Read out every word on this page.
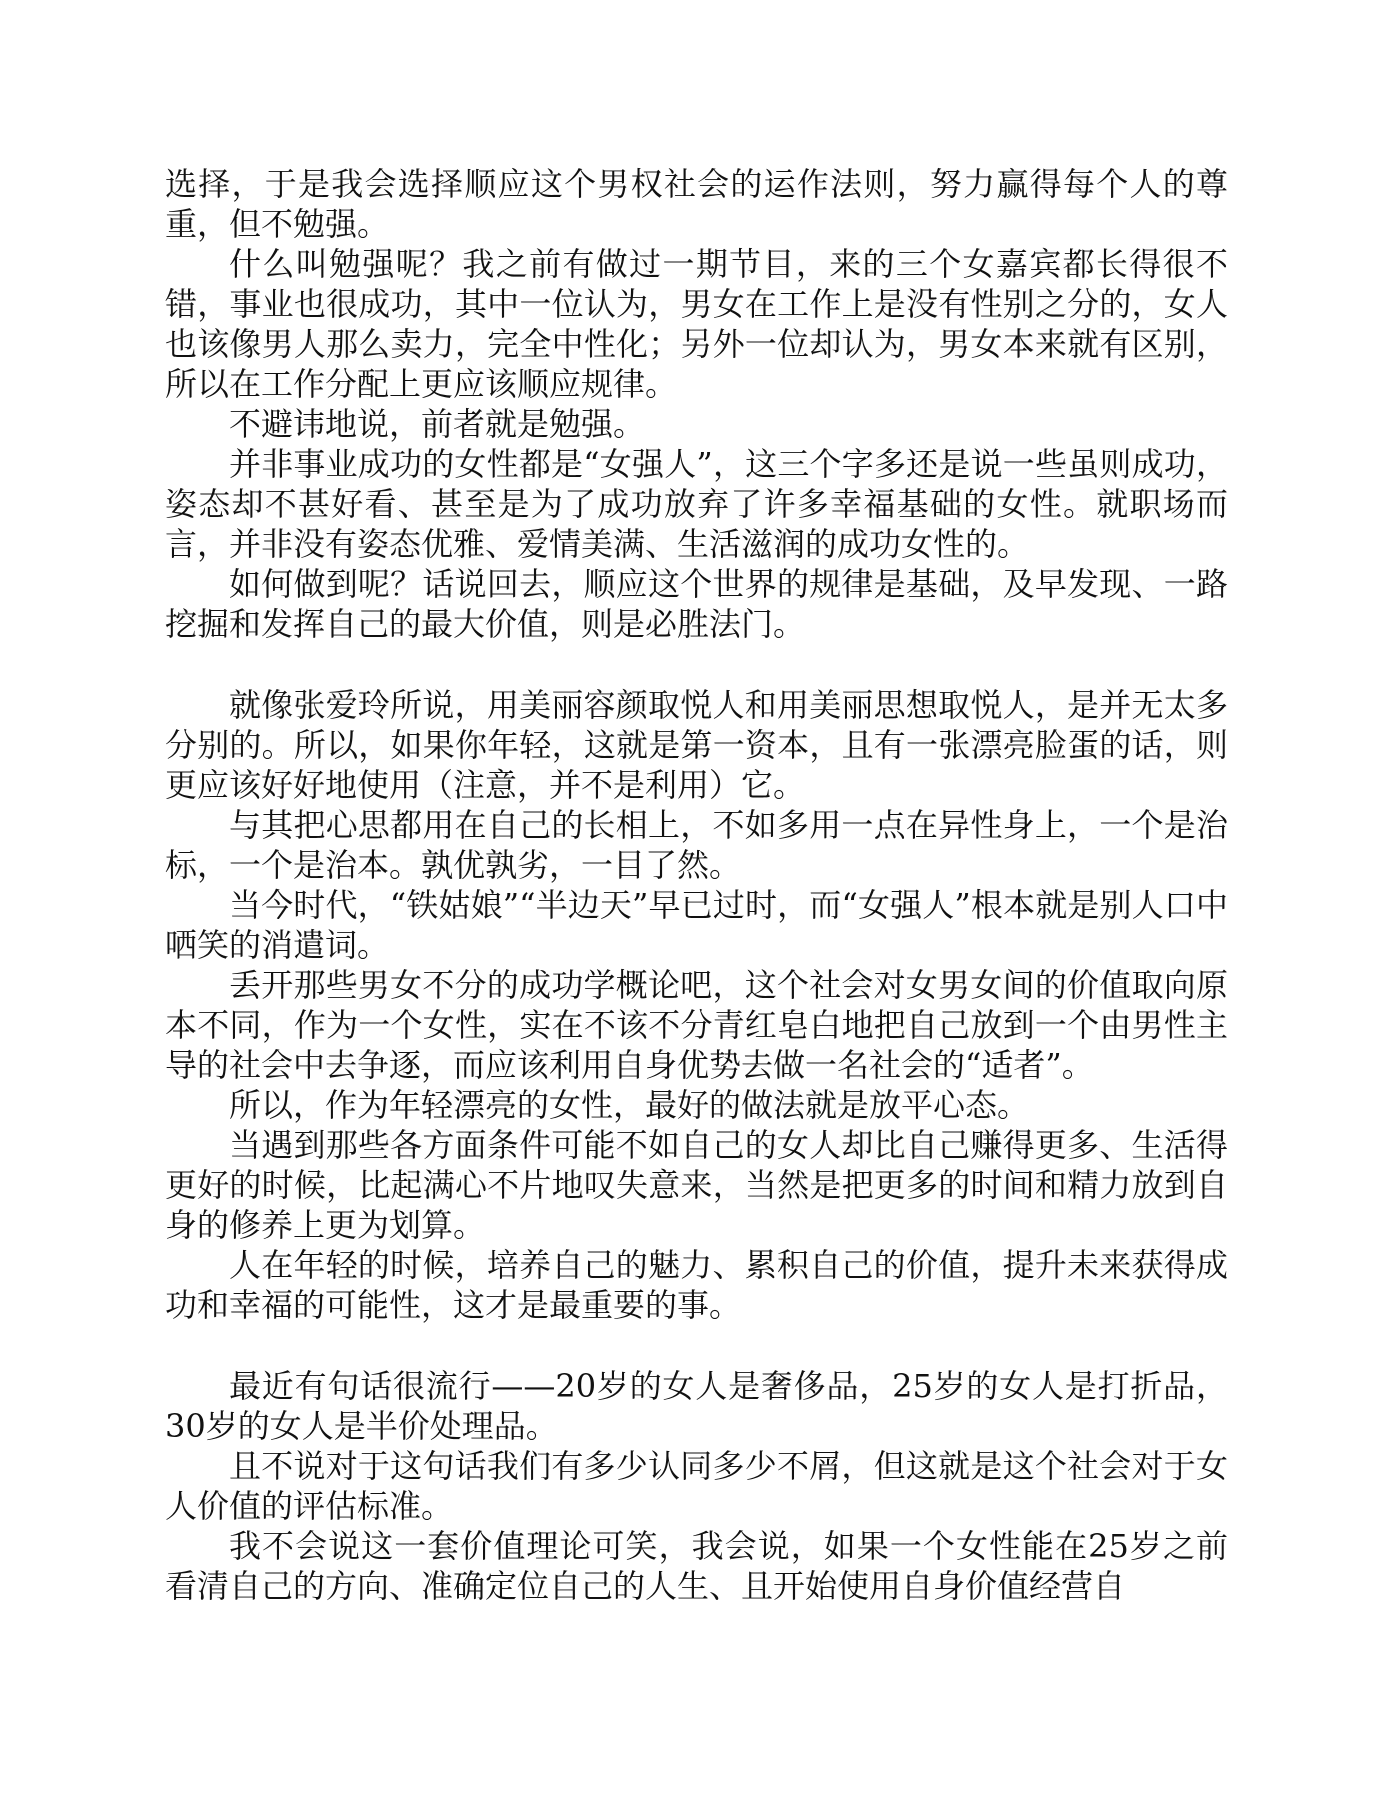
选择，于是我会选择顺应这个男权社会的运作法则，努力赢得每个人的尊重，但不勉强。

什么叫勉强呢？我之前有做过一期节目，来的三个女嘉宾都长得很不错，事业也很成功，其中一位认为，男女在工作上是没有性别之分的，女人也该像男人那么卖力，完全中性化；另外一位却认为，男女本来就有区别，所以在工作分配上更应该顺应规律。

不避讳地说，前者就是勉强。

并非事业成功的女性都是“女强人”，这三个字多还是说一些虽则成功，姿态却不甚好看、甚至是为了成功放弃了许多幸福基础的女性。就职场而言，并非没有姿态优雅、爱情美满、生活滋润的成功女性的。

如何做到呢？话说回去，顺应这个世界的规律是基础，及早发现、一路挖掘和发挥自己的最大价值，则是必胜法门。

就像张爱玲所说，用美丽容颜取悦人和用美丽思想取悦人，是并无太多分别的。所以，如果你年轻，这就是第一资本，且有一张漂亮脸蛋的话，则更应该好好地使用（注意，并不是利用）它。

与其把心思都用在自己的长相上，不如多用一点在异性身上，一个是治标，一个是治本。孰优孰劣，一目了然。

当今时代，“铁姑娘”“半边天”早已过时，而“女强人”根本就是别人口中哂笑的消遣词。

丢开那些男女不分的成功学概论吧，这个社会对女男女间的价值取向原本不同，作为一个女性，实在不该不分青红皂白地把自己放到一个由男性主导的社会中去争逐，而应该利用自身优势去做一名社会的“适者”。

所以，作为年轻漂亮的女性，最好的做法就是放平心态。

当遇到那些各方面条件可能不如自己的女人却比自己赚得更多、生活得更好的时候，比起满心不片地叹失意来，当然是把更多的时间和精力放到自身的修养上更为划算。

人在年轻的时候，培养自己的魅力、累积自己的价值，提升未来获得成功和幸福的可能性，这才是最重要的事。

最近有句话很流行——20岁的女人是奢侈品，25岁的女人是打折品，30岁的女人是半价处理品。

且不说对于这句话我们有多少认同多少不屑，但这就是这个社会对于女人价值的评估标准。

我不会说这一套价值理论可笑，我会说，如果一个女性能在25岁之前看清自己的方向、准确定位自己的人生、且开始使用自身价值经营自
